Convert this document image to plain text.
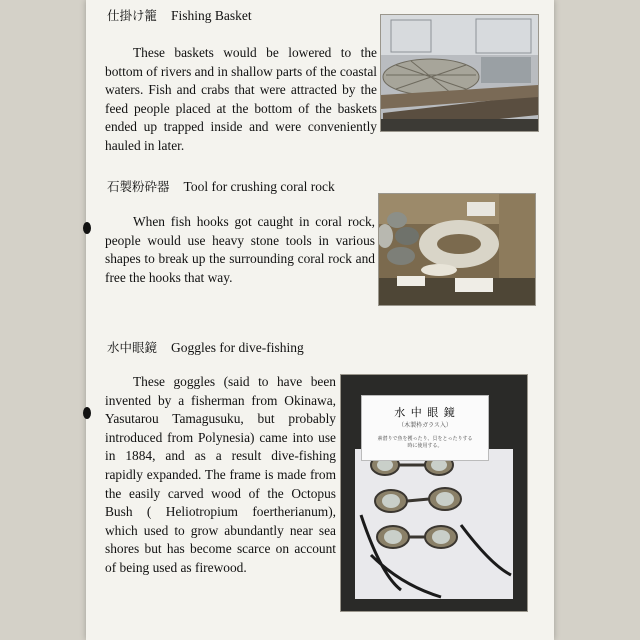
仕掛け籠 Fishing Basket

These baskets would be lowered to the bottom of rivers and in shallow parts of the coastal waters. Fish and crabs that were attracted by the feed people placed at the bottom of the baskets ended up trapped inside and were conveniently hauled in later.

石製粉砕器 Tool for crushing coral rock

When fish hooks got caught in coral rock, people would use heavy stone tools in various shapes to break up the surrounding coral rock and free the hooks that way.

水中眼鏡 Goggles for dive-fishing

These goggles (said to have been invented by a fisherman from Okinawa, Yasutarou Tamagusuku, but probably introduced from Polynesia) came into use in 1884, and as a result dive-fishing rapidly expanded. The frame is made from the easily carved wood of the Octopus Bush ( Heliotropium foertherianum), which used to grow abundantly near sea shores but has become scarce on account of being used as firewood.

水 中 眼 鏡
（木製枠ガラス入）
素潜りで魚を獲ったり、貝をとったりする
時に使用する。
